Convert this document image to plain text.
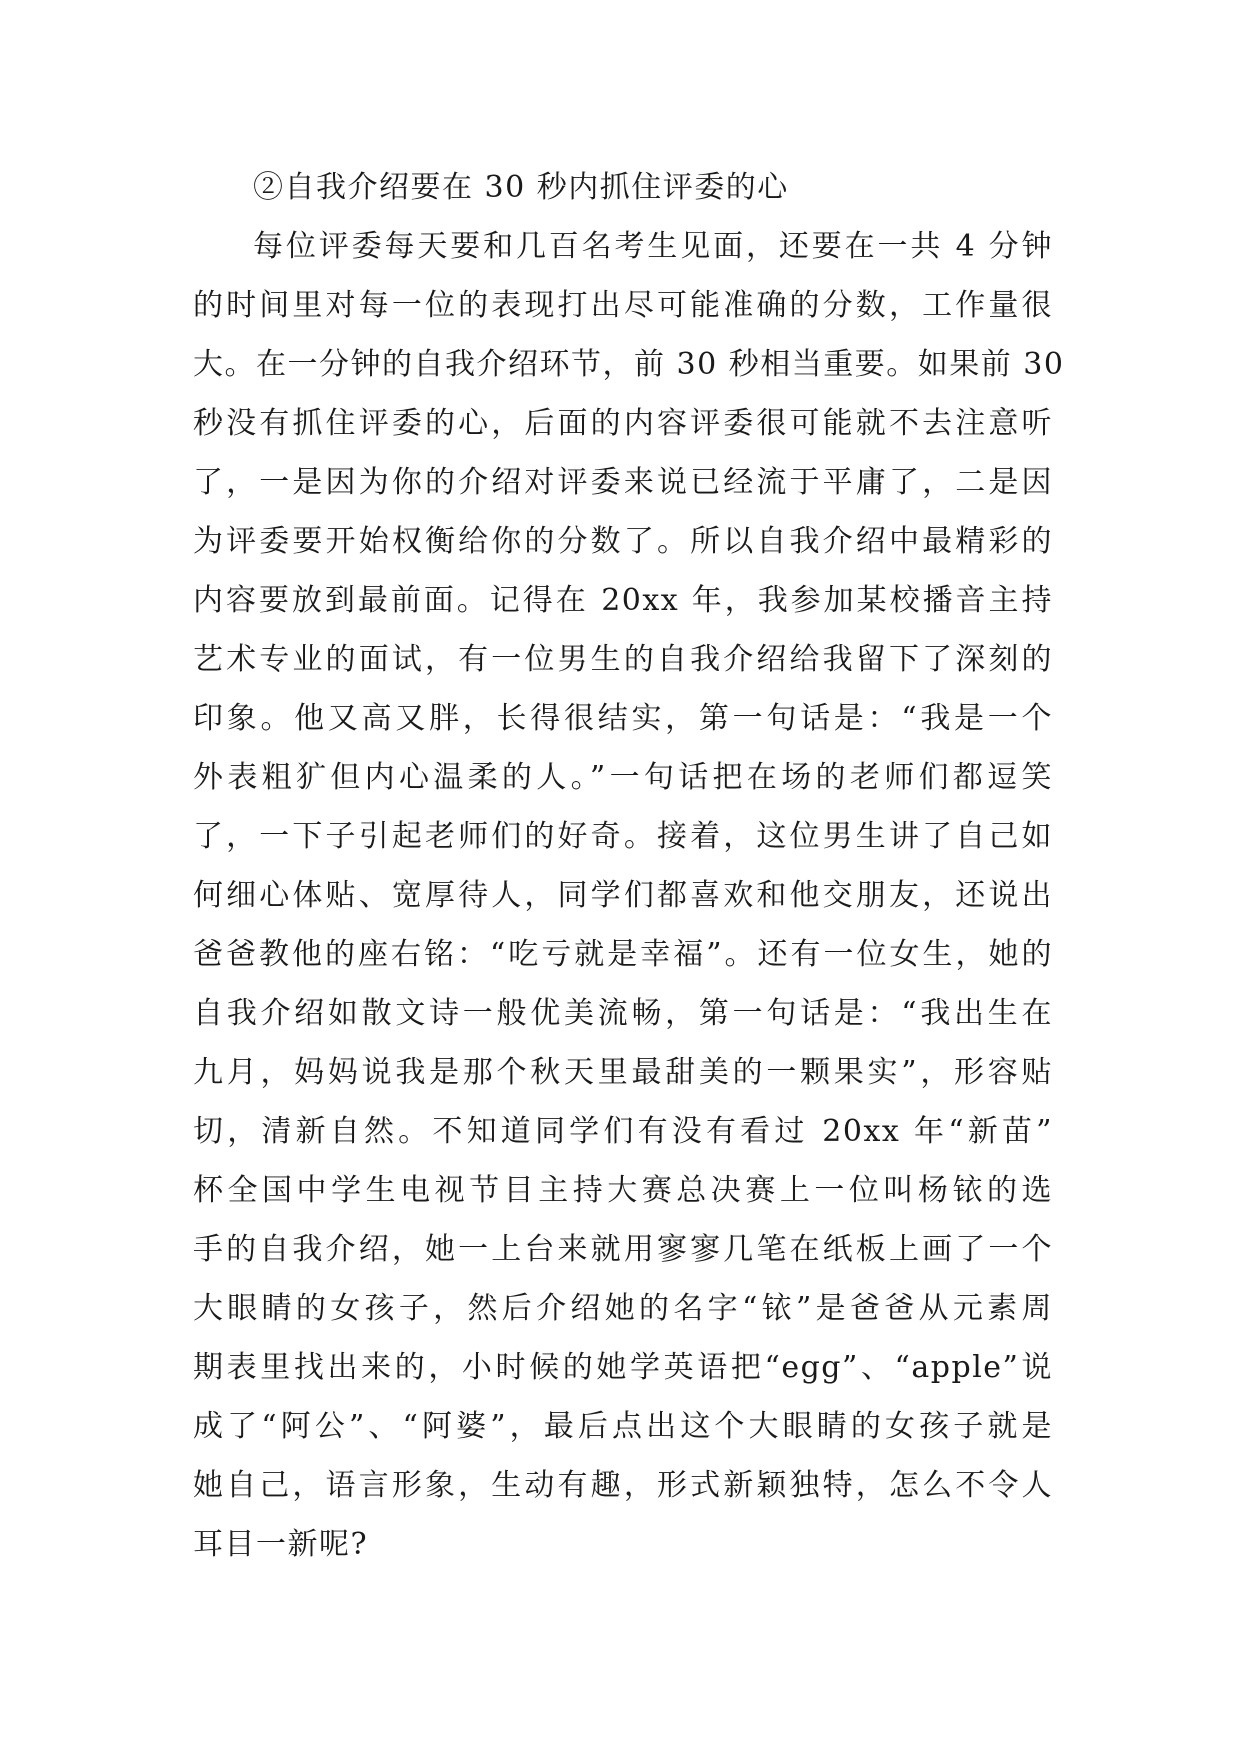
②自我介绍要在 30 秒内抓住评委的心

每位评委每天要和几百名考生见面，还要在一共 4 分钟
的时间里对每一位的表现打出尽可能准确的分数，工作量很
大。在一分钟的自我介绍环节，前 30 秒相当重要。如果前 30
秒没有抓住评委的心，后面的内容评委很可能就不去注意听
了，一是因为你的介绍对评委来说已经流于平庸了，二是因
为评委要开始权衡给你的分数了。所以自我介绍中最精彩的
内容要放到最前面。记得在 20xx 年，我参加某校播音主持
艺术专业的面试，有一位男生的自我介绍给我留下了深刻的
印象。他又高又胖，长得很结实，第一句话是：“我是一个
外表粗犷但内心温柔的人。”一句话把在场的老师们都逗笑
了，一下子引起老师们的好奇。接着，这位男生讲了自己如
何细心体贴、宽厚待人，同学们都喜欢和他交朋友，还说出
爸爸教他的座右铭：“吃亏就是幸福”。还有一位女生，她的
自我介绍如散文诗一般优美流畅，第一句话是：“我出生在
九月，妈妈说我是那个秋天里最甜美的一颗果实”，形容贴
切，清新自然。不知道同学们有没有看过 20xx 年“新苗”
杯全国中学生电视节目主持大赛总决赛上一位叫杨铱的选
手的自我介绍，她一上台来就用寥寥几笔在纸板上画了一个
大眼睛的女孩子，然后介绍她的名字“铱”是爸爸从元素周
期表里找出来的，小时候的她学英语把“egg”、“apple”说
成了“阿公”、“阿婆”，最后点出这个大眼睛的女孩子就是
她自己，语言形象，生动有趣，形式新颖独特，怎么不令人
耳目一新呢?
